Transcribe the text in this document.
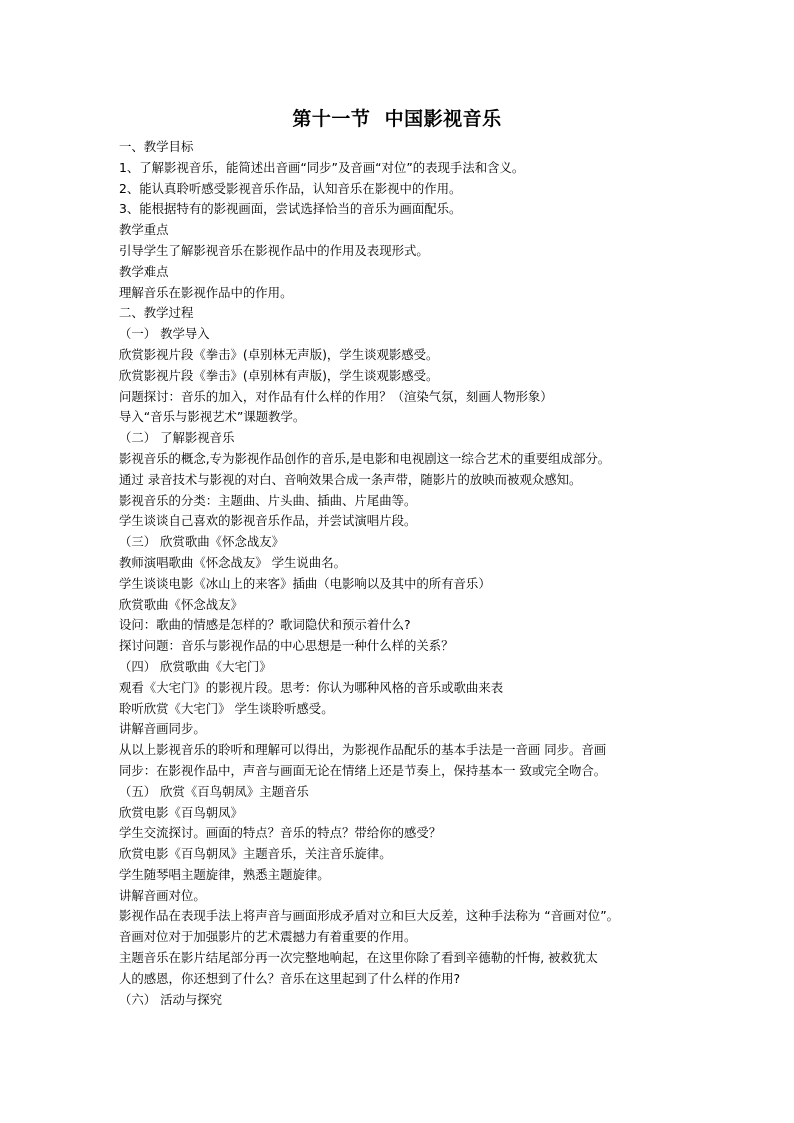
第十一节  中国影视音乐
一、教学目标
1、了解影视音乐，能简述出音画“同步”及音画“对位”的表现手法和含义。
2、能认真聆听感受影视音乐作品，认知音乐在影视中的作用。
3、能根据特有的影视画面，尝试选择恰当的音乐为画面配乐。
教学重点
引导学生了解影视音乐在影视作品中的作用及表现形式。
教学难点
理解音乐在影视作品中的作用。
二、教学过程
（一） 教学导入
欣赏影视片段《拳击》(卓别林无声版)，学生谈观影感受。
欣赏影视片段《拳击》(卓别林有声版)，学生谈观影感受。
问题探讨：音乐的加入，对作品有什么样的作用？（渲染气氛，刻画人物形象）
导入“音乐与影视艺术”课题教学。
（二） 了解影视音乐
影视音乐的概念,专为影视作品创作的音乐,是电影和电视剧这一综合艺术的重要组成部分。
通过 录音技术与影视的对白、音响效果合成一条声带，随影片的放映而被观众感知。
影视音乐的分类：主题曲、片头曲、插曲、片尾曲等。
学生谈谈自己喜欢的影视音乐作品，并尝试演唱片段。
（三） 欣赏歌曲《怀念战友》
教师演唱歌曲《怀念战友》 学生说曲名。
学生谈谈电影《冰山上的来客》插曲（电影响以及其中的所有音乐）
欣赏歌曲《怀念战友》
设问：歌曲的情感是怎样的？歌词隐伏和预示着什么?
探讨问题：音乐与影视作品的中心思想是一种什么样的关系？
（四） 欣赏歌曲《大宅门》
观看《大宅门》的影视片段。思考：你认为哪种风格的音乐或歌曲来表
聆听欣赏《大宅门》 学生谈聆听感受。
讲解音画同步。
从以上影视音乐的聆听和理解可以得出，为影视作品配乐的基本手法是一音画 同步。音画
同步：在影视作品中，声音与画面无论在情绪上还是节奏上，保持基本一 致或完全吻合。
（五） 欣赏《百鸟朝凤》主题音乐
欣赏电影《百鸟朝凤》
学生交流探讨。画面的特点？音乐的特点？带给你的感受？
欣赏电影《百鸟朝凤》主题音乐，关注音乐旋律。
学生随琴唱主题旋律，熟悉主题旋律。
讲解音画对位。
影视作品在表现手法上将声音与画面形成矛盾对立和巨大反差，这种手法称为 “音画对位”。
音画对位对于加强影片的艺术震撼力有着重要的作用。
主题音乐在影片结尾部分再一次完整地响起，在这里你除了看到辛德勒的忏悔, 被救犹太
人的感恩，你还想到了什么？音乐在这里起到了什么样的作用?
（六） 活动与探究
